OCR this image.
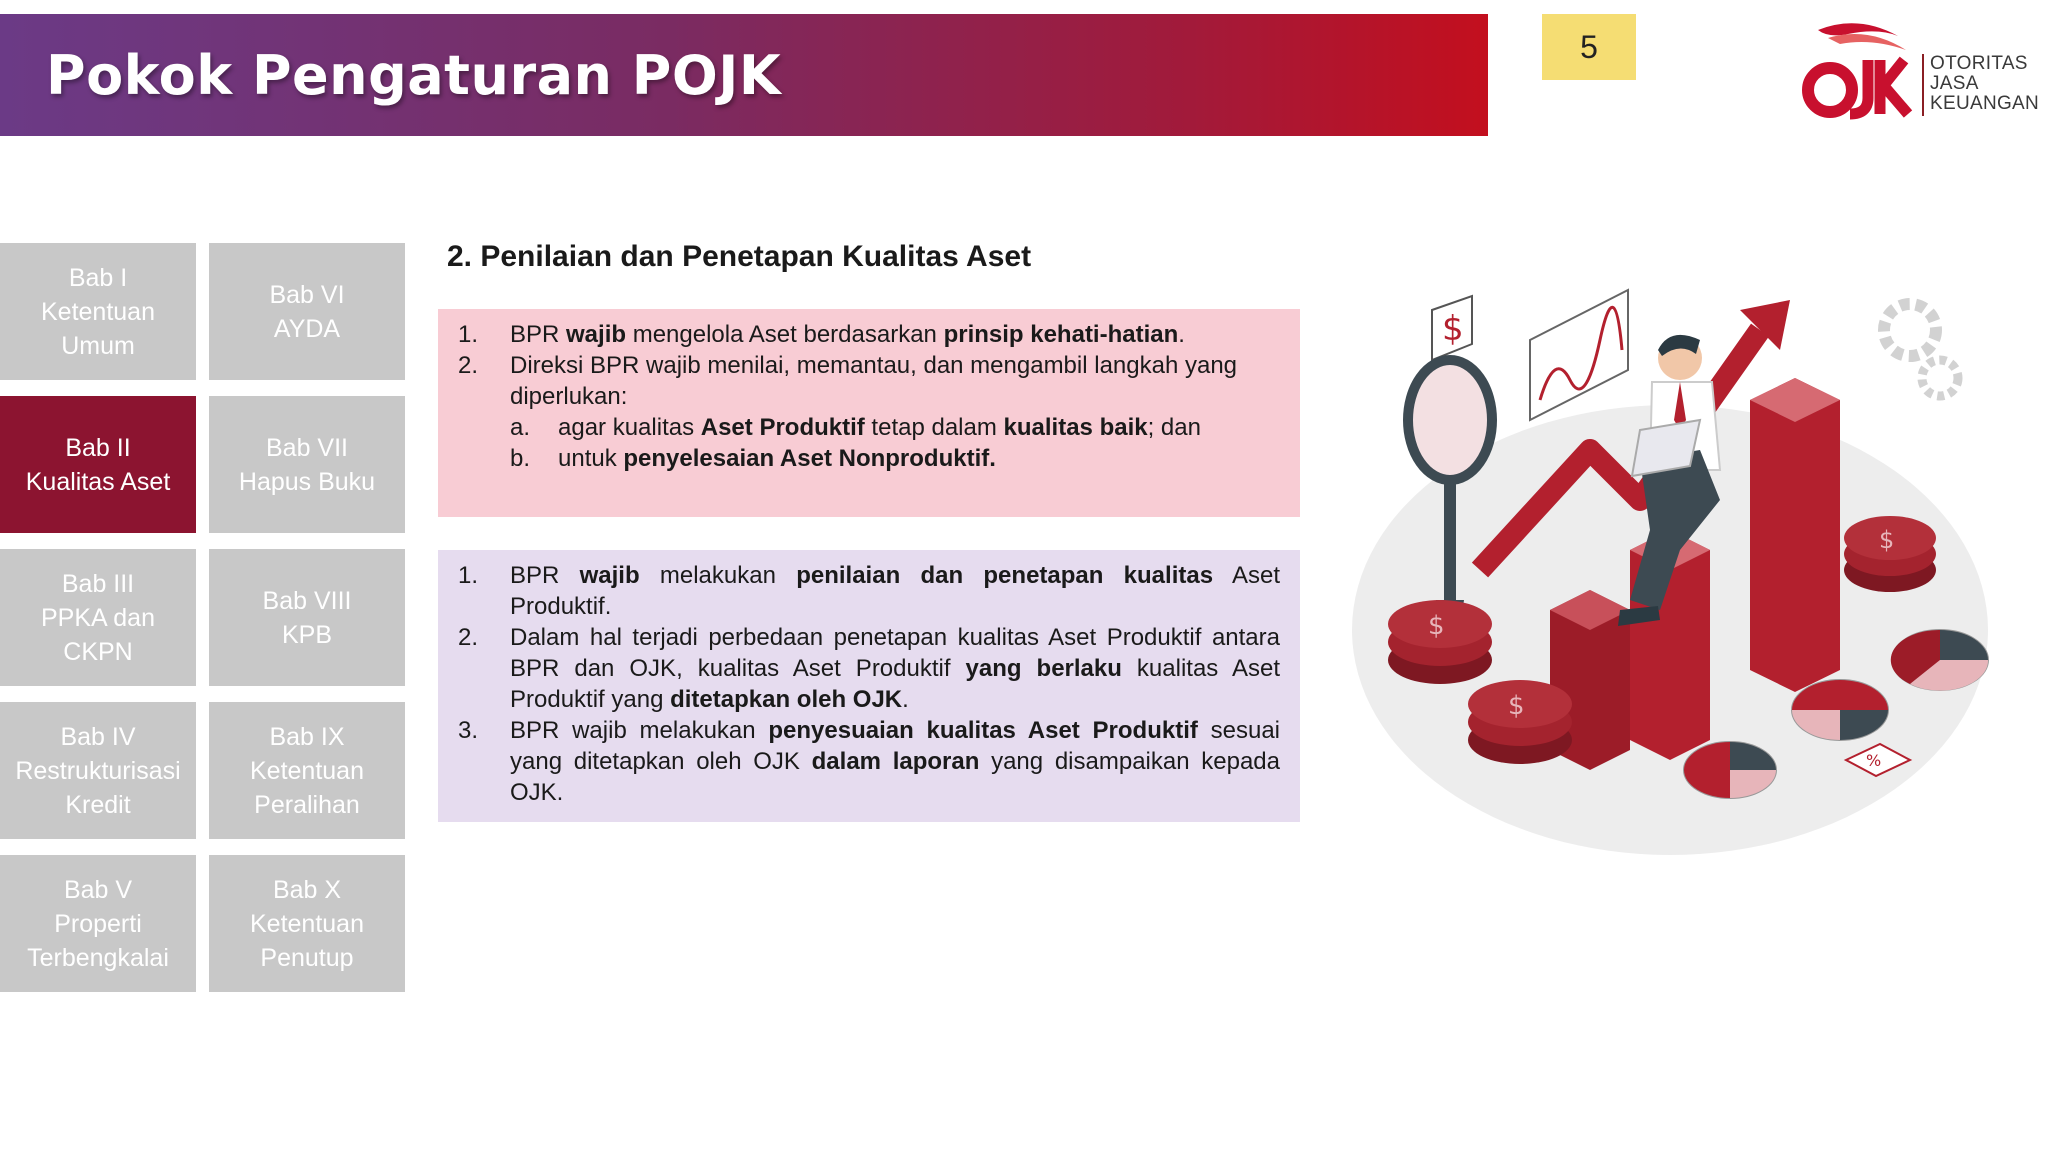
Pokok Pengaturan POJK	5	OTORITAS
JASA
KEUANGAN
Bab I
Ketentuan
Umum
Bab VI
AYDA
Bab II
Kualitas Aset
Bab VII
Hapus Buku
Bab III
PPKA dan
CKPN
Bab VIII
KPB
Bab IV
Restrukturisasi
Kredit
Bab IX
Ketentuan
Peralihan
Bab V
Properti
Terbengkalai
Bab X
Ketentuan
Penutup
2. Penilaian dan Penetapan Kualitas Aset
1.	BPR wajib mengelola Aset berdasarkan prinsip kehati-hatian.
2.	Direksi BPR wajib menilai, memantau, dan mengambil langkah yang diperlukan:
a.	agar kualitas Aset Produktif tetap dalam kualitas baik; dan
b.	untuk penyelesaian Aset Nonproduktif.
1.	BPR wajib melakukan penilaian dan penetapan kualitas Aset Produktif.
2.	Dalam hal terjadi perbedaan penetapan kualitas Aset Produktif antara BPR dan OJK, kualitas Aset Produktif yang berlaku kualitas Aset Produktif yang ditetapkan oleh OJK.
3.	BPR wajib melakukan penyesuaian kualitas Aset Produktif sesuai yang ditetapkan oleh OJK dalam laporan yang disampaikan kepada OJK.
$
$
$
$
%
